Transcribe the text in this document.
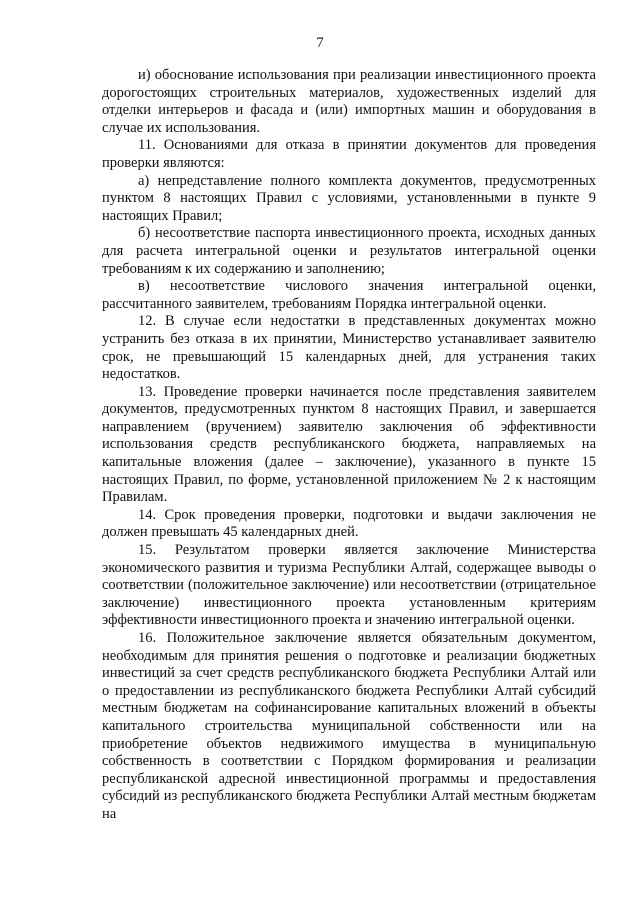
7

и) обоснование использования при реализации инвестиционного проекта дорогостоящих строительных материалов, художественных изделий для отделки интерьеров и фасада и (или) импортных машин и оборудования в случае их использования.

11. Основаниями для отказа в принятии документов для проведения проверки являются:

а) непредставление полного комплекта документов, предусмотренных пунктом 8 настоящих Правил с условиями, установленными в пункте 9 настоящих Правил;

б) несоответствие паспорта инвестиционного проекта, исходных данных для расчета интегральной оценки и результатов интегральной оценки требованиям к их содержанию и заполнению;

в) несоответствие числового значения интегральной оценки, рассчитанного заявителем, требованиям Порядка интегральной оценки.

12. В случае если недостатки в представленных документах можно устранить без отказа в их принятии, Министерство устанавливает заявителю срок, не превышающий 15 календарных дней, для устранения таких недостатков.

13. Проведение проверки начинается после представления заявителем документов, предусмотренных пунктом 8 настоящих Правил, и завершается направлением (вручением) заявителю заключения об эффективности использования средств республиканского бюджета, направляемых на капитальные вложения (далее – заключение), указанного в пункте 15 настоящих Правил, по форме, установленной приложением № 2 к настоящим Правилам.

14. Срок проведения проверки, подготовки и выдачи заключения не должен превышать 45 календарных дней.

15. Результатом проверки является заключение Министерства экономического развития и туризма Республики Алтай, содержащее выводы о соответствии (положительное заключение) или несоответствии (отрицательное заключение) инвестиционного проекта установленным критериям эффективности инвестиционного проекта и значению интегральной оценки.

16. Положительное заключение является обязательным документом, необходимым для принятия решения о подготовке и реализации бюджетных инвестиций за счет средств республиканского бюджета Республики Алтай или о предоставлении из республиканского бюджета Республики Алтай субсидий местным бюджетам на софинансирование капитальных вложений в объекты капитального строительства муниципальной собственности или на приобретение объектов недвижимого имущества в муниципальную собственность в соответствии с Порядком формирования и реализации республиканской адресной инвестиционной программы и предоставления субсидий из республиканского бюджета Республики Алтай местным бюджетам на
